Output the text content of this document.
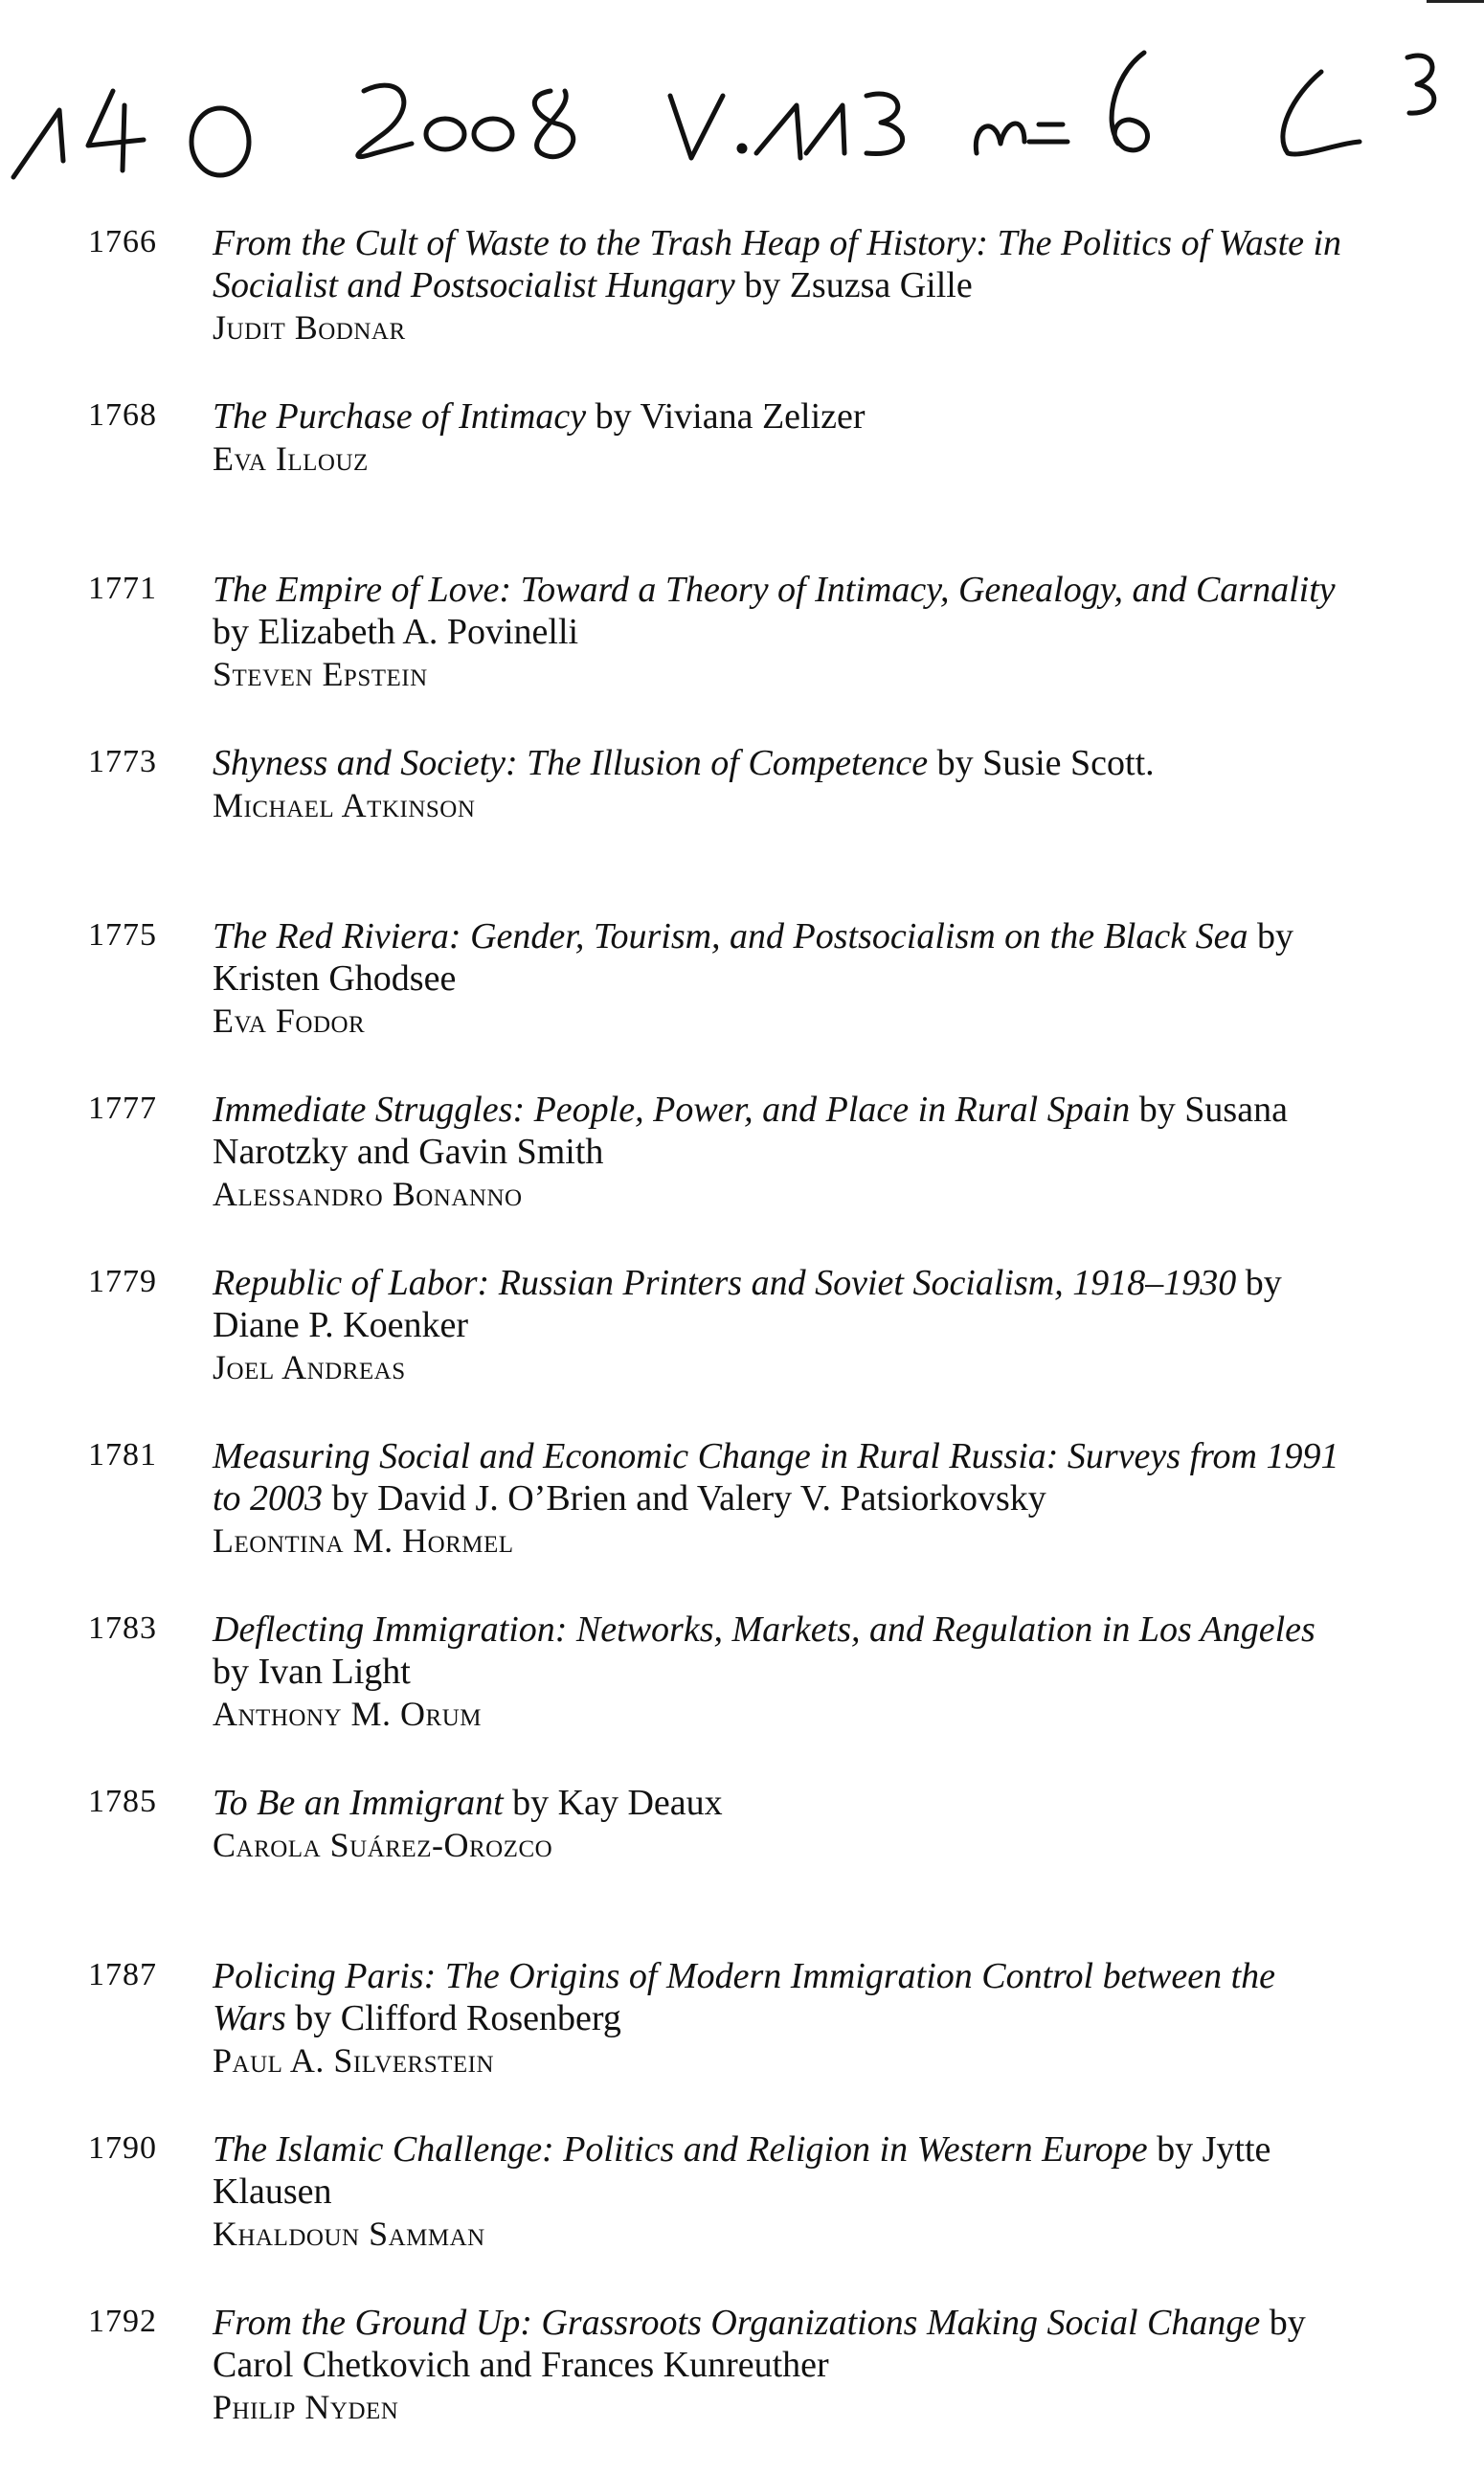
1766 From the Cult of Waste to the Trash Heap of History: The Politics of Waste in Socialist and Postsocialist Hungary by Zsuzsa Gille
Judit Bodnar
1768 The Purchase of Intimacy by Viviana Zelizer
Eva Illouz
1771 The Empire of Love: Toward a Theory of Intimacy, Genealogy, and Carnality by Elizabeth A. Povinelli
Steven Epstein
1773 Shyness and Society: The Illusion of Competence by Susie Scott.
Michael Atkinson
1775 The Red Riviera: Gender, Tourism, and Postsocialism on the Black Sea by Kristen Ghodsee
Eva Fodor
1777 Immediate Struggles: People, Power, and Place in Rural Spain by Susana Narotzky and Gavin Smith
Alessandro Bonanno
1779 Republic of Labor: Russian Printers and Soviet Socialism, 1918–1930 by Diane P. Koenker
Joel Andreas
1781 Measuring Social and Economic Change in Rural Russia: Surveys from 1991 to 2003 by David J. O’Brien and Valery V. Patsiorkovsky
Leontina M. Hormel
1783 Deflecting Immigration: Networks, Markets, and Regulation in Los Angeles by Ivan Light
Anthony M. Orum
1785 To Be an Immigrant by Kay Deaux
Carola Suárez-Orozco
1787 Policing Paris: The Origins of Modern Immigration Control between the Wars by Clifford Rosenberg
Paul A. Silverstein
1790 The Islamic Challenge: Politics and Religion in Western Europe by Jytte Klausen
Khaldoun Samman
1792 From the Ground Up: Grassroots Organizations Making Social Change by Carol Chetkovich and Frances Kunreuther
Philip Nyden
